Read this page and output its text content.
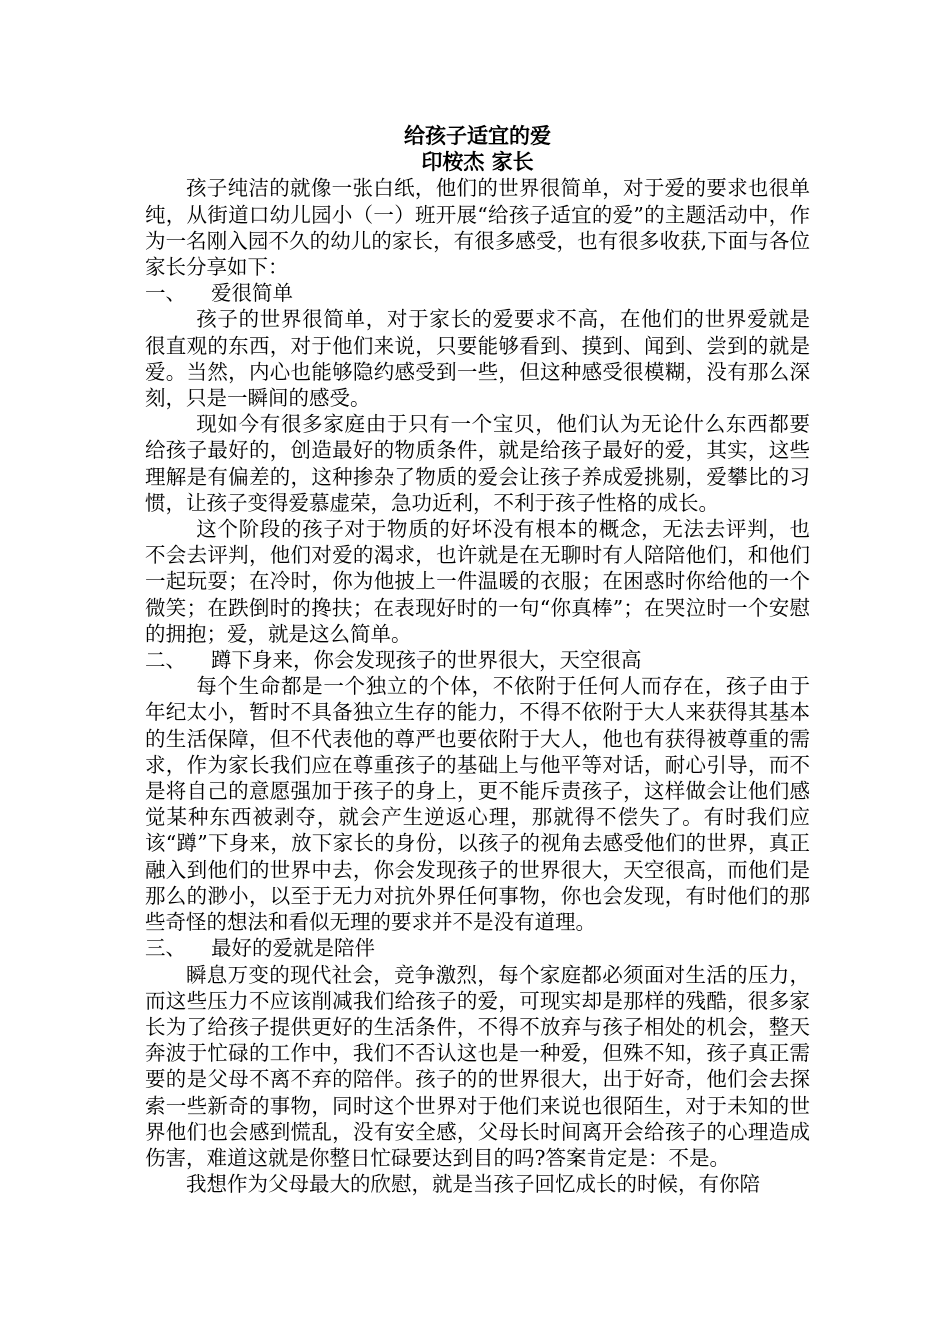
给孩子适宜的爱
印桉杰 家长

孩子纯洁的就像一张白纸，他们的世界很简单，对于爱的要求也很单纯，从街道口幼儿园小（一）班开展“给孩子适宜的爱”的主题活动中，作为一名刚入园不久的幼儿的家长，有很多感受，也有很多收获,下面与各位家长分享如下：

一、 爱很简单

孩子的世界很简单，对于家长的爱要求不高，在他们的世界爱就是很直观的东西，对于他们来说，只要能够看到、摸到、闻到、尝到的就是爱。当然，内心也能够隐约感受到一些，但这种感受很模糊，没有那么深刻，只是一瞬间的感受。

现如今有很多家庭由于只有一个宝贝，他们认为无论什么东西都要给孩子最好的，创造最好的物质条件，就是给孩子最好的爱，其实，这些理解是有偏差的，这种掺杂了物质的爱会让孩子养成爱挑剔，爱攀比的习惯，让孩子变得爱慕虚荣，急功近利，不利于孩子性格的成长。

这个阶段的孩子对于物质的好坏没有根本的概念，无法去评判，也不会去评判，他们对爱的渴求，也许就是在无聊时有人陪陪他们，和他们一起玩耍；在冷时，你为他披上一件温暖的衣服；在困惑时你给他的一个微笑；在跌倒时的搀扶；在表现好时的一句“你真棒”；在哭泣时一个安慰的拥抱；爱，就是这么简单。

二、 蹲下身来，你会发现孩子的世界很大，天空很高

每个生命都是一个独立的个体，不依附于任何人而存在，孩子由于年纪太小，暂时不具备独立生存的能力，不得不依附于大人来获得其基本的生活保障，但不代表他的尊严也要依附于大人，他也有获得被尊重的需求，作为家长我们应在尊重孩子的基础上与他平等对话，耐心引导，而不是将自己的意愿强加于孩子的身上，更不能斥责孩子，这样做会让他们感觉某种东西被剥夺，就会产生逆返心理，那就得不偿失了。有时我们应该“蹲”下身来，放下家长的身份，以孩子的视角去感受他们的世界，真正融入到他们的世界中去，你会发现孩子的世界很大，天空很高，而他们是那么的渺小，以至于无力对抗外界任何事物，你也会发现，有时他们的那些奇怪的想法和看似无理的要求并不是没有道理。

三、 最好的爱就是陪伴

瞬息万变的现代社会，竞争激烈，每个家庭都必须面对生活的压力，而这些压力不应该削减我们给孩子的爱，可现实却是那样的残酷，很多家长为了给孩子提供更好的生活条件，不得不放弃与孩子相处的机会，整天奔波于忙碌的工作中，我们不否认这也是一种爱，但殊不知，孩子真正需要的是父母不离不弃的陪伴。孩子的的世界很大，出于好奇，他们会去探索一些新奇的事物，同时这个世界对于他们来说也很陌生，对于未知的世界他们也会感到慌乱，没有安全感，父母长时间离开会给孩子的心理造成伤害，难道这就是你整日忙碌要达到目的吗?答案肯定是：不是。

我想作为父母最大的欣慰，就是当孩子回忆成长的时候，有你陪
